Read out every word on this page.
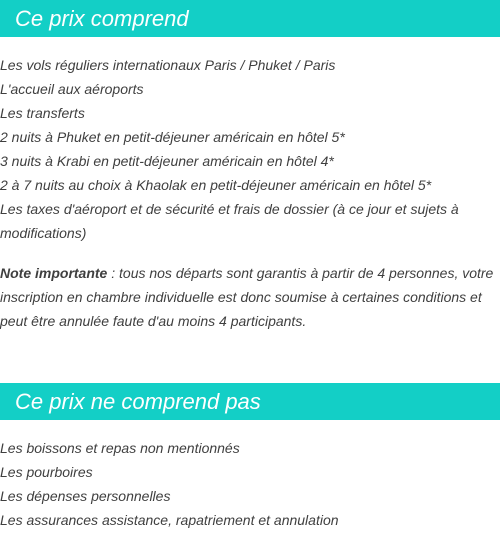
Ce prix comprend
Les vols réguliers internationaux Paris / Phuket / Paris
L'accueil aux aéroports
Les transferts
2 nuits à Phuket en petit-déjeuner américain en hôtel 5*
3 nuits à Krabi en petit-déjeuner américain en hôtel 4*
2 à 7 nuits au choix à Khaolak en petit-déjeuner américain en hôtel 5*
Les taxes d'aéroport et de sécurité et frais de dossier (à ce jour et sujets à modifications)

Note importante : tous nos départs sont garantis à partir de 4 personnes, votre inscription en chambre individuelle est donc soumise à certaines conditions et peut être annulée faute d'au moins 4 participants.

Ce prix ne comprend pas
Les boissons et repas non mentionnés
Les pourboires
Les dépenses personnelles
Les assurances assistance, rapatriement et annulation
